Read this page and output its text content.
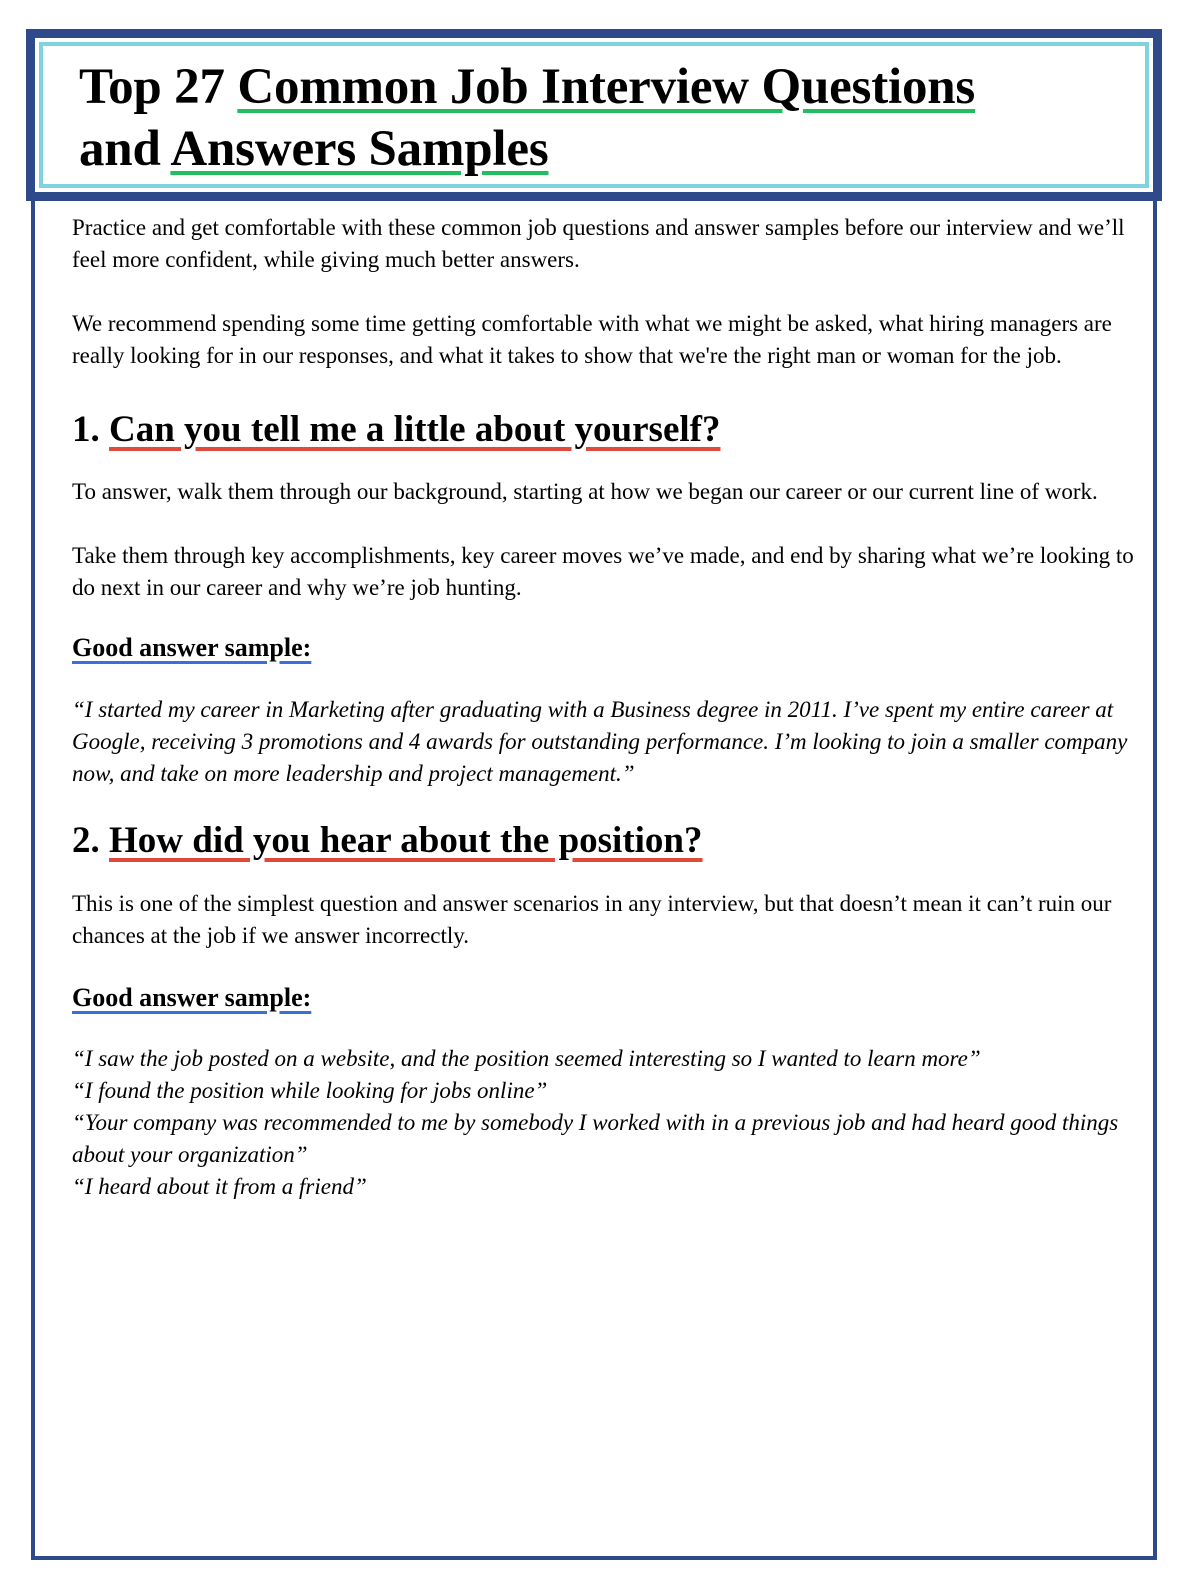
Top 27 Common Job Interview Questions
and Answers Samples

Practice and get comfortable with these common job questions and answer samples before our interview and we’ll feel more confident, while giving much better answers.

We recommend spending some time getting comfortable with what we might be asked, what hiring managers are really looking for in our responses, and what it takes to show that we're the right man or woman for the job.

1. Can you tell me a little about yourself?

To answer, walk them through our background, starting at how we began our career or our current line of work.

Take them through key accomplishments, key career moves we’ve made, and end by sharing what we’re looking to do next in our career and why we’re job hunting.

Good answer sample:

“I started my career in Marketing after graduating with a Business degree in 2011. I’ve spent my entire career at Google, receiving 3 promotions and 4 awards for outstanding performance. I’m looking to join a smaller company now, and take on more leadership and project management.”

2. How did you hear about the position?

This is one of the simplest question and answer scenarios in any interview, but that doesn’t mean it can’t ruin our chances at the job if we answer incorrectly.

Good answer sample:

“I saw the job posted on a website, and the position seemed interesting so I wanted to learn more”

“I found the position while looking for jobs online”

“Your company was recommended to me by somebody I worked with in a previous job and had heard good things about your organization”

“I heard about it from a friend”
